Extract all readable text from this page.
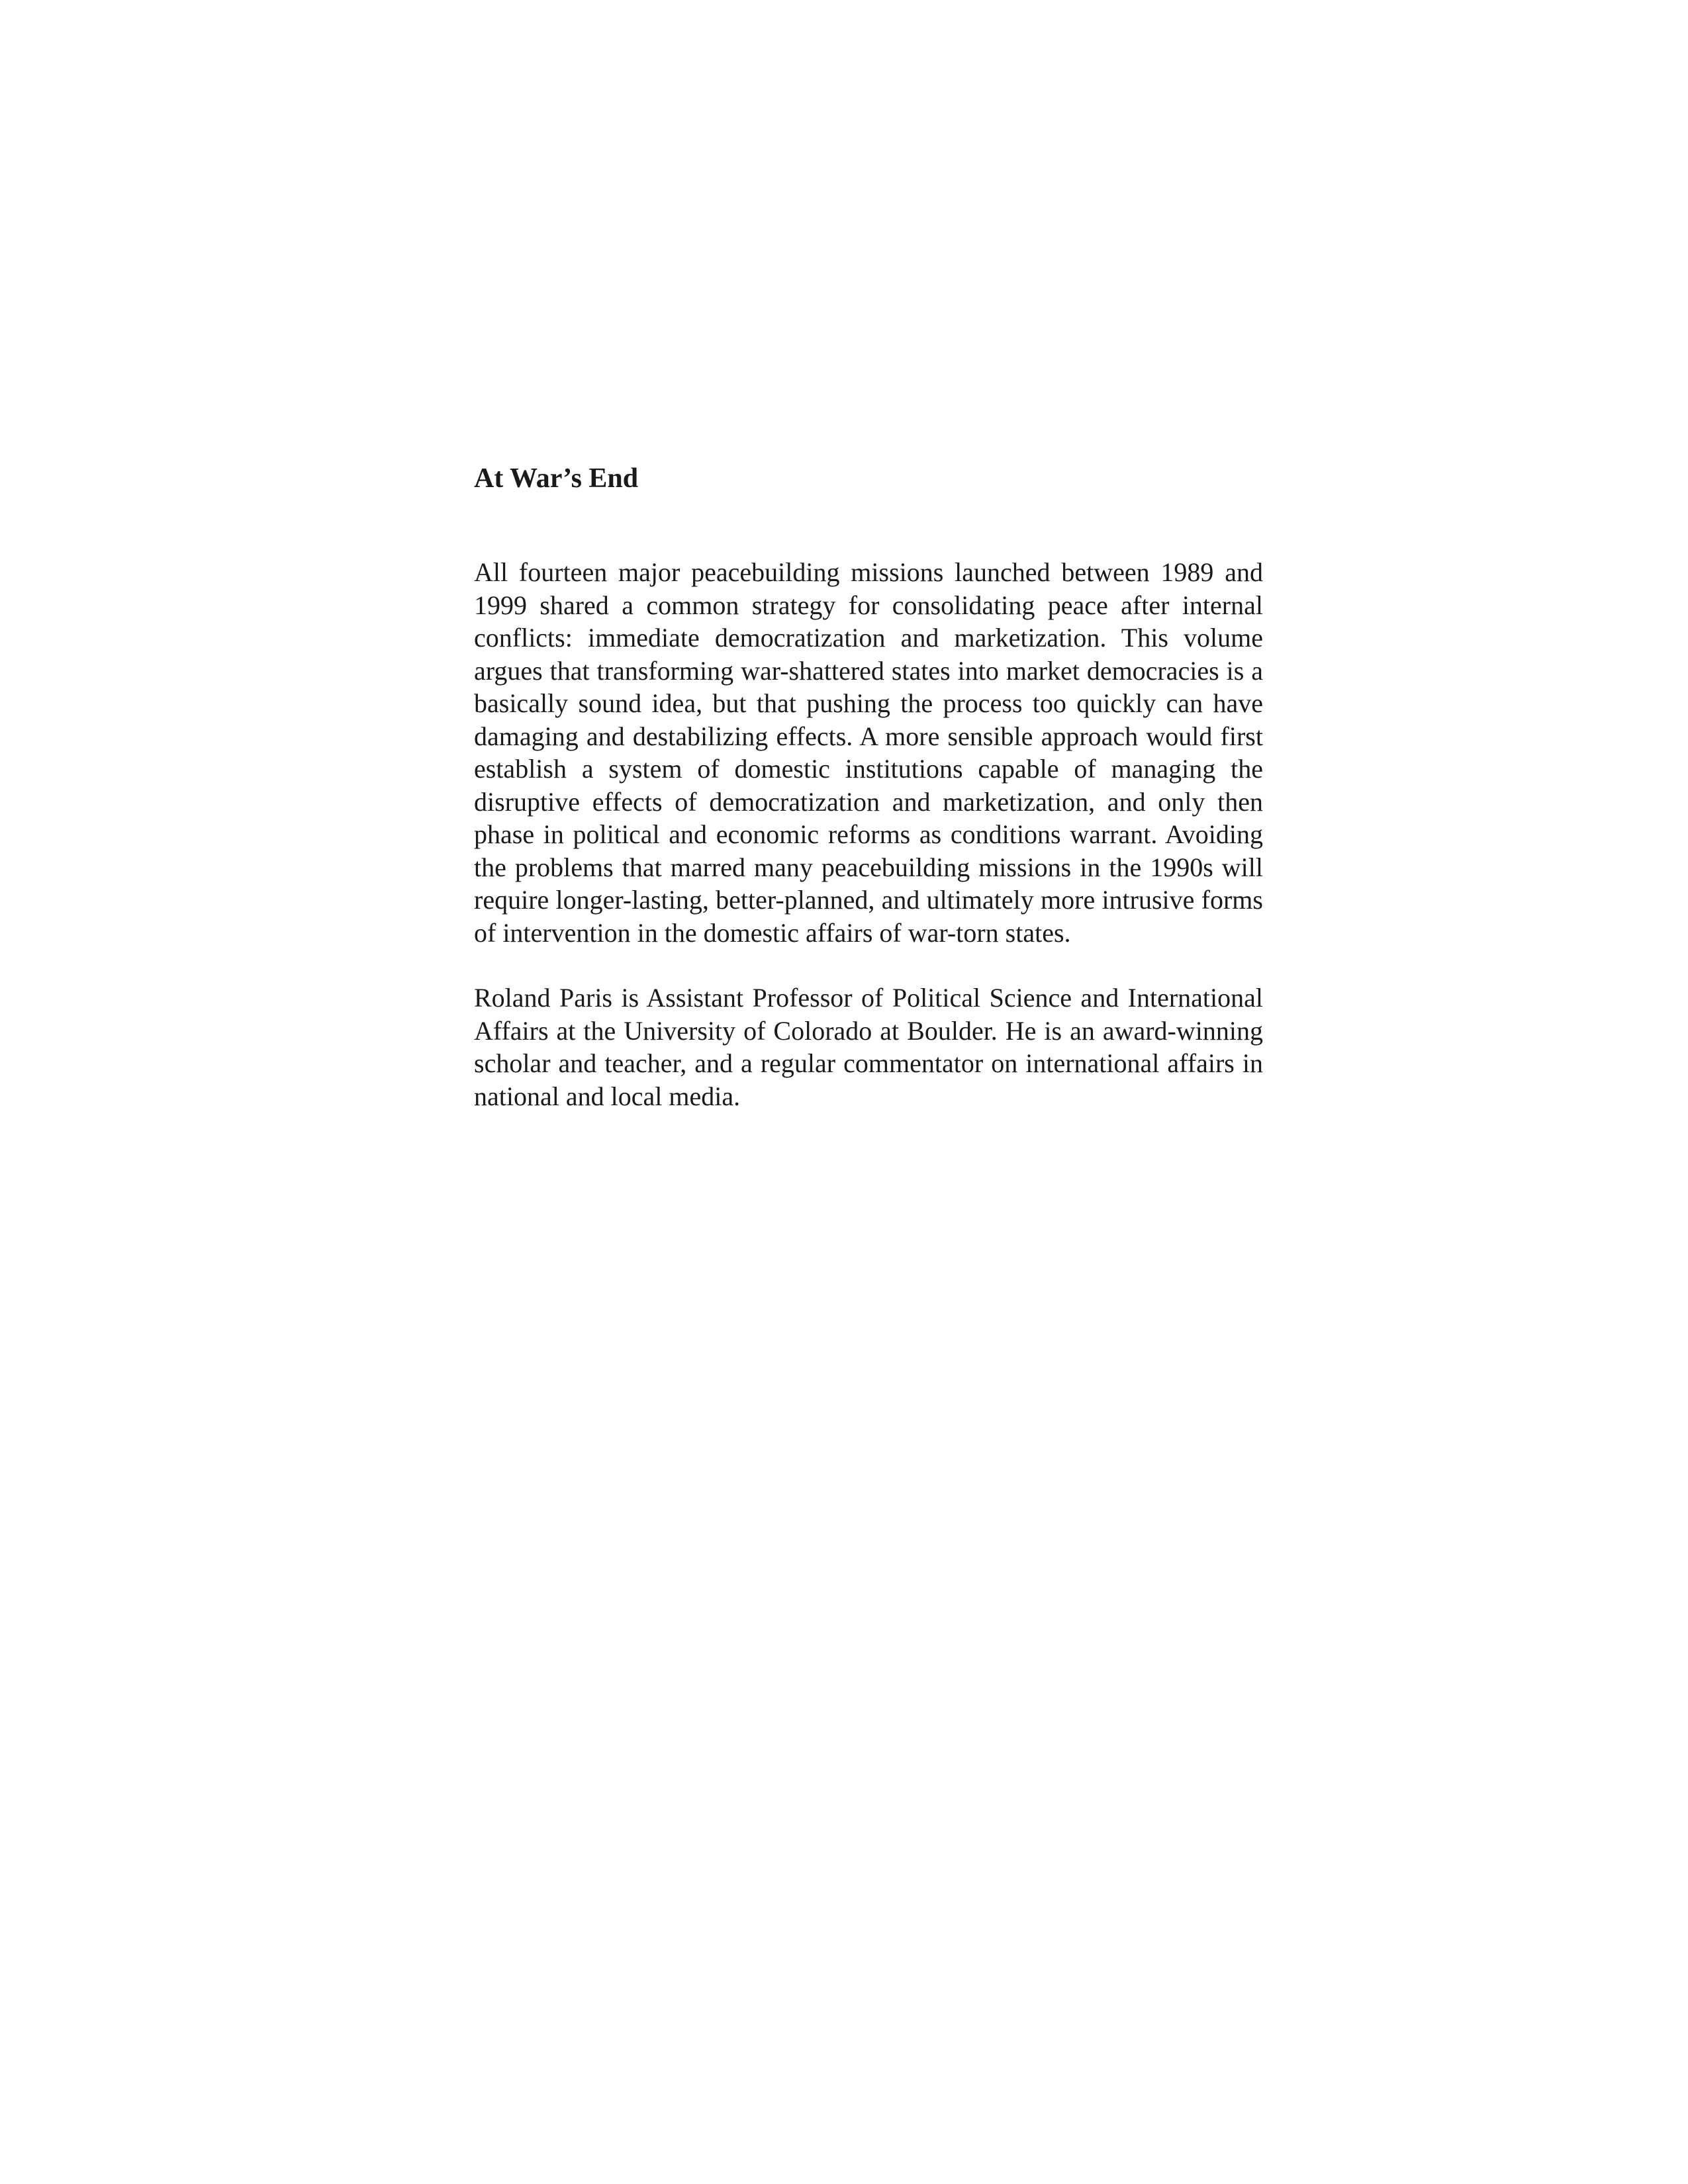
At War’s End

All fourteen major peacebuilding missions launched between 1989 and 1999 shared a common strategy for consolidating peace after internal conflicts: immediate democratization and marketization. This volume argues that transforming war-shattered states into market democracies is a basically sound idea, but that pushing the process too quickly can have damaging and destabilizing effects. A more sensible approach would first establish a system of domestic institutions capable of managing the disruptive effects of democratization and marketization, and only then phase in political and economic reforms as conditions warrant. Avoiding the problems that marred many peacebuilding missions in the 1990s will require longer-lasting, better-planned, and ultimately more intrusive forms of intervention in the domestic affairs of war-torn states.

Roland Paris is Assistant Professor of Political Science and International Affairs at the University of Colorado at Boulder. He is an award-winning scholar and teacher, and a regular commentator on international affairs in national and local media.
